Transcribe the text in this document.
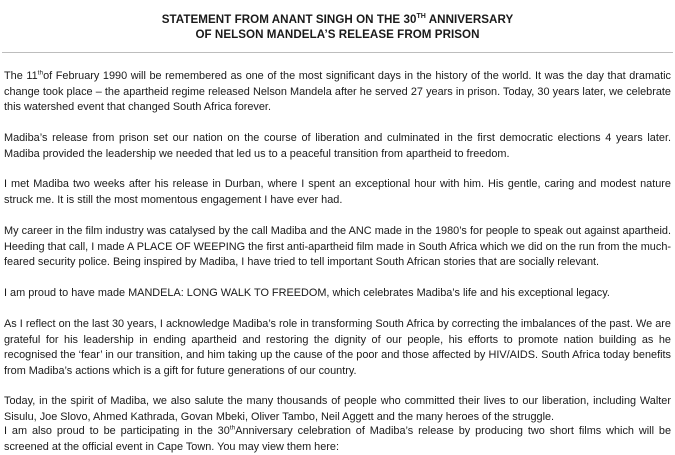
STATEMENT FROM ANANT SINGH ON THE 30TH ANNIVERSARY
OF NELSON MANDELA’S RELEASE FROM PRISON

The 11thof February 1990 will be remembered as one of the most significant days in the history of the world. It was the day that dramatic change took place – the apartheid regime released Nelson Mandela after he served 27 years in prison. Today, 30 years later, we celebrate this watershed event that changed South Africa forever.

Madiba’s release from prison set our nation on the course of liberation and culminated in the first democratic elections 4 years later. Madiba provided the leadership we needed that led us to a peaceful transition from apartheid to freedom.

I met Madiba two weeks after his release in Durban, where I spent an exceptional hour with him. His gentle, caring and modest nature struck me. It is still the most momentous engagement I have ever had.

My career in the film industry was catalysed by the call Madiba and the ANC made in the 1980’s for people to speak out against apartheid. Heeding that call, I made A PLACE OF WEEPING the first anti-apartheid film made in South Africa which we did on the run from the much-feared security police. Being inspired by Madiba, I have tried to tell important South African stories that are socially relevant.

I am proud to have made MANDELA: LONG WALK TO FREEDOM, which celebrates Madiba’s life and his exceptional legacy.

As I reflect on the last 30 years, I acknowledge Madiba’s role in transforming South Africa by correcting the imbalances of the past. We are grateful for his leadership in ending apartheid and restoring the dignity of our people, his efforts to promote nation building as he recognised the ‘fear’ in our transition, and him taking up the cause of the poor and those affected by HIV/AIDS. South Africa today benefits from Madiba’s actions which is a gift for future generations of our country.

Today, in the spirit of Madiba, we also salute the many thousands of people who committed their lives to our liberation, including Walter Sisulu, Joe Slovo, Ahmed Kathrada, Govan Mbeki, Oliver Tambo, Neil Aggett and the many heroes of the struggle.

I am also proud to be participating in the 30thAnniversary celebration of Madiba’s release by producing two short films which will be screened at the official event in Cape Town. You may view them here:
